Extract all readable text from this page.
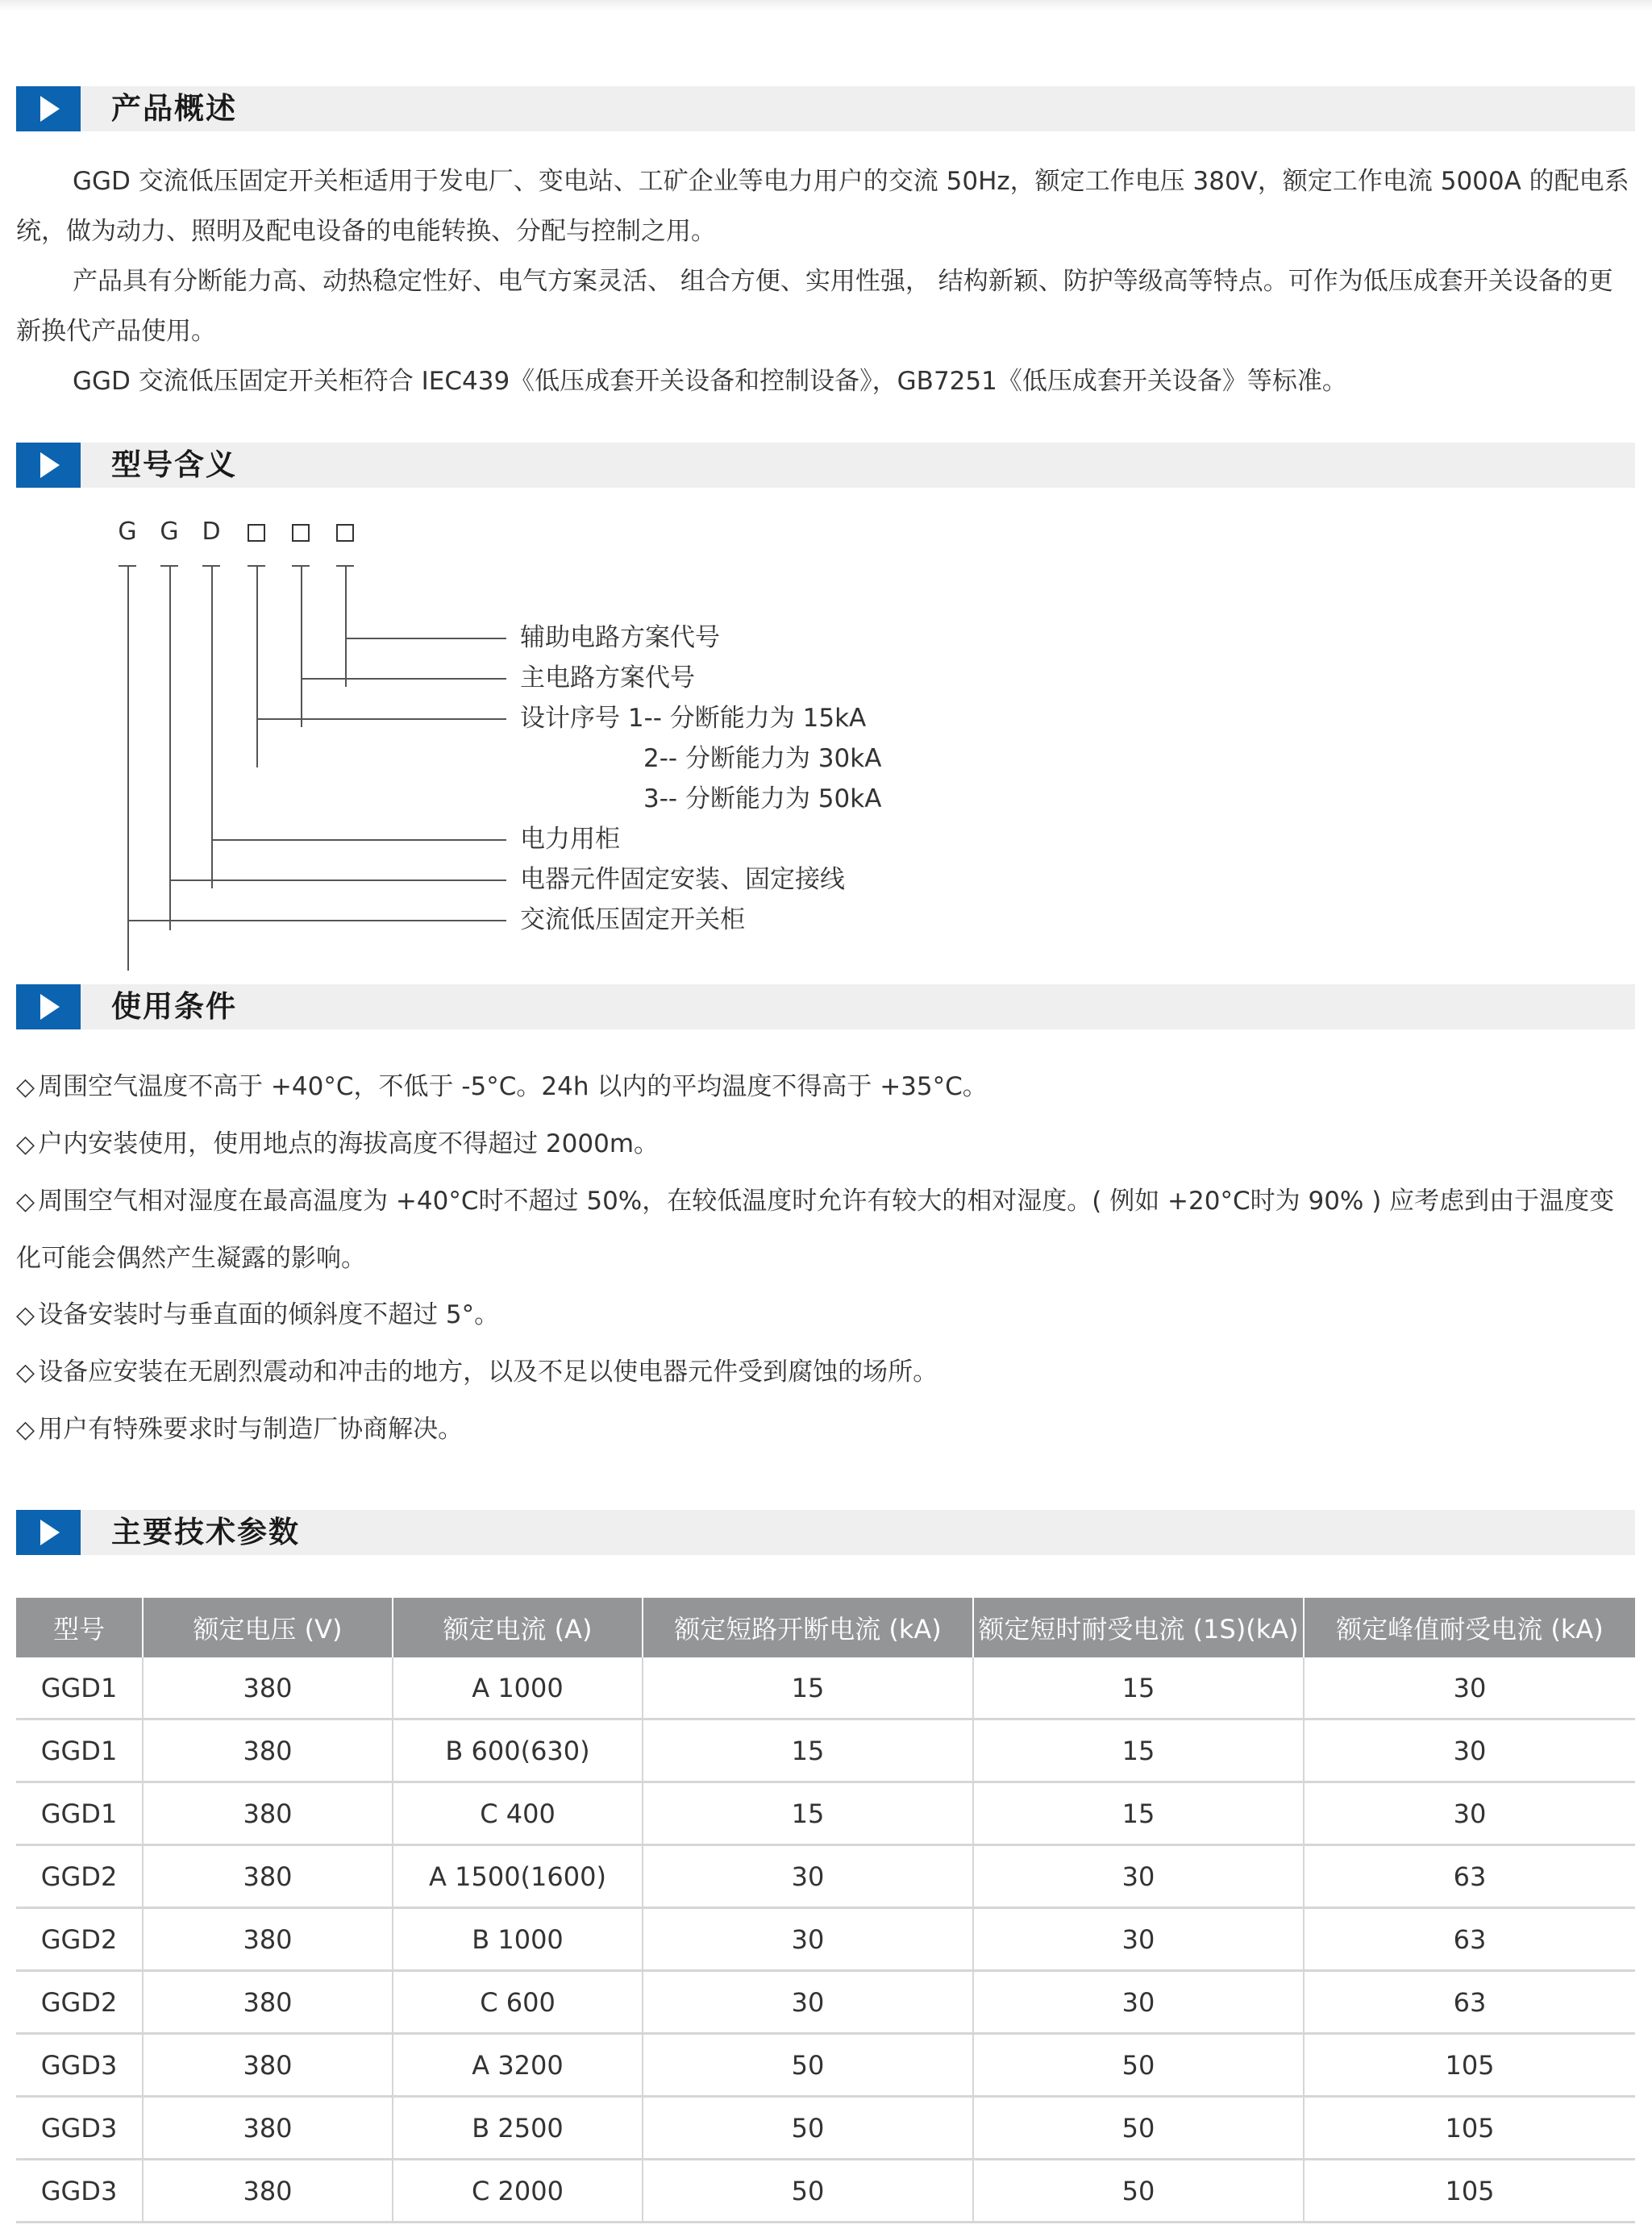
产品概述

GGD 交流低压固定开关柜适用于发电厂、变电站、工矿企业等电力用户的交流 50Hz，额定工作电压 380V，额定工作电流 5000A 的配电系统，做为动力、照明及配电设备的电能转换、分配与控制之用。

产品具有分断能力高、动热稳定性好、电气方案灵活、 组合方便、实用性强， 结构新颖、防护等级高等特点。可作为低压成套开关设备的更新换代产品使用。

GGD 交流低压固定开关柜符合 IEC439《低压成套开关设备和控制设备》，GB7251《低压成套开关设备》等标准。

型号含义
G G D
辅助电路方案代号
主电路方案代号
设计序号 1-- 分断能力为 15kA
2-- 分断能力为 30kA
3-- 分断能力为 50kA
电力用柜
电器元件固定安装、固定接线
交流低压固定开关柜
使用条件

◇ 周围空气温度不高于 +40°C，不低于 -5°C。24h 以内的平均温度不得高于 +35°C。

◇ 户内安装使用，使用地点的海拔高度不得超过 2000m。

◇ 周围空气相对湿度在最高温度为 +40°C时不超过 50%，在较低温度时允许有较大的相对湿度。( 例如 +20°C时为 90% ) 应考虑到由于温度变化可能会偶然产生凝露的影响。

◇ 设备安装时与垂直面的倾斜度不超过 5°。

◇ 设备应安装在无剧烈震动和冲击的地方，以及不足以使电器元件受到腐蚀的场所。

◇ 用户有特殊要求时与制造厂协商解决。

主要技术参数
型号	额定电压 (V)	额定电流 (A)	额定短路开断电流 (kA)	额定短时耐受电流 (1S)(kA)	额定峰值耐受电流 (kA)
GGD1	380	A 1000	15	15	30
GGD1	380	B 600(630)	15	15	30
GGD1	380	C 400	15	15	30
GGD2	380	A 1500(1600)	30	30	63
GGD2	380	B 1000	30	30	63
GGD2	380	C 600	30	30	63
GGD3	380	A 3200	50	50	105
GGD3	380	B 2500	50	50	105
GGD3	380	C 2000	50	50	105
